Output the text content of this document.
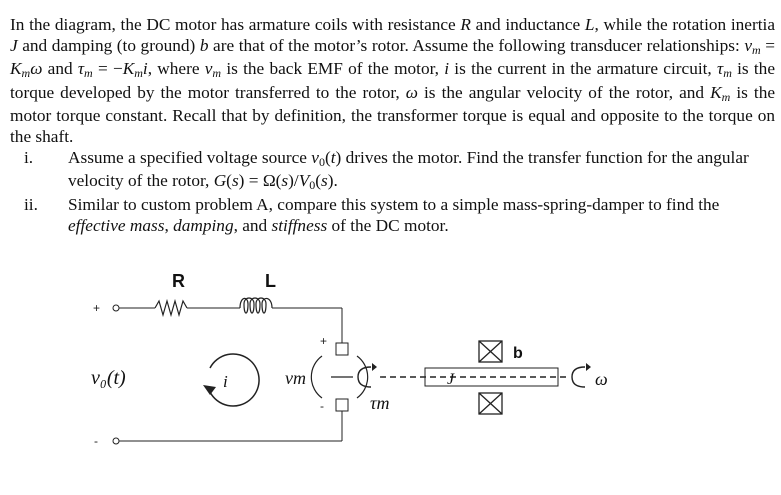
In the diagram, the DC motor has armature coils with resistance R and inductance L, while the rotation inertia J and damping (to ground) b are that of the motor’s rotor. Assume the following transducer relationships: vm = Kmω and τm = −Kmi, where vm is the back EMF of the motor, i is the current in the armature circuit, τm is the torque developed by the motor transferred to the rotor, ω is the angular velocity of the rotor, and Km is the motor torque constant. Recall that by definition, the transformer torque is equal and opposite to the torque on the shaft.

i.	Assume a specified voltage source v0(t) drives the motor. Find the transfer function for the angular velocity of the rotor, G(s) = Ω(s)/V0(s).
ii.	Similar to custom problem A, compare this system to a simple mass-spring-damper to find the effective mass, damping, and stiffness of the DC motor.
+
R	L
-
v₀(t)	i
+
-
vm
τm
J
b
ω
